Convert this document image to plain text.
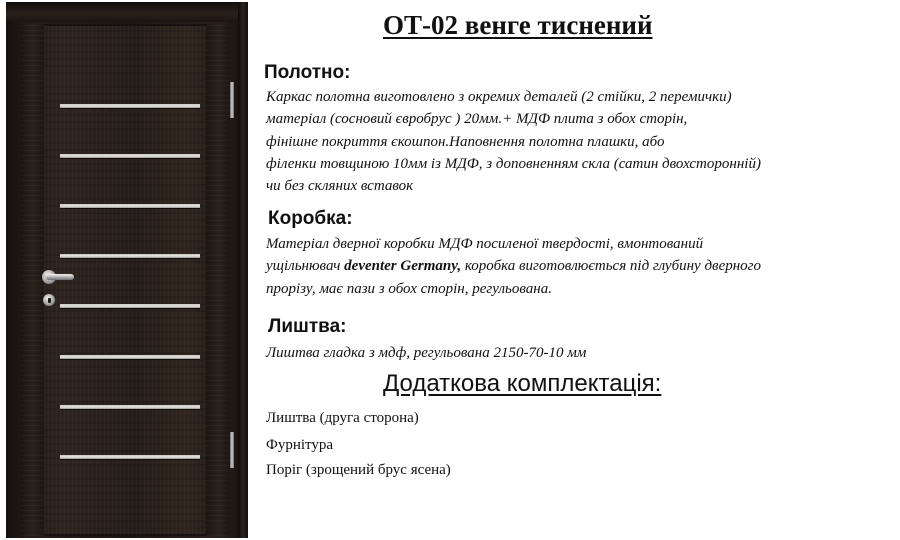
ОТ-02 венге тиснений
Полотно:
Каркас полотна виготовлено з окремих деталей (2 стійки, 2 перемички)
матеріал (сосновий євробрус ) 20мм.+ МДФ плита з обох сторін,
фінішне покриття єкошпон.Наповнення полотна плашки, або
філенки товщиною 10мм із МДФ, з доповненням скла (сатин двохсторонній)
чи без скляних вставок
Коробка:
Матеріал дверної коробки МДФ посиленої твердості, вмонтований
ущільнювач deventer Germany, коробка виготовлюється під глубину дверного
прорізу, має пази з обох сторін, регульована.
Лиштва:
Лиштва гладка з мдф, регульована 2150-70-10 мм
Додаткова комплектація:
Лиштва (друга сторона)
Фурнітура
Поріг (зрощений брус ясена)
